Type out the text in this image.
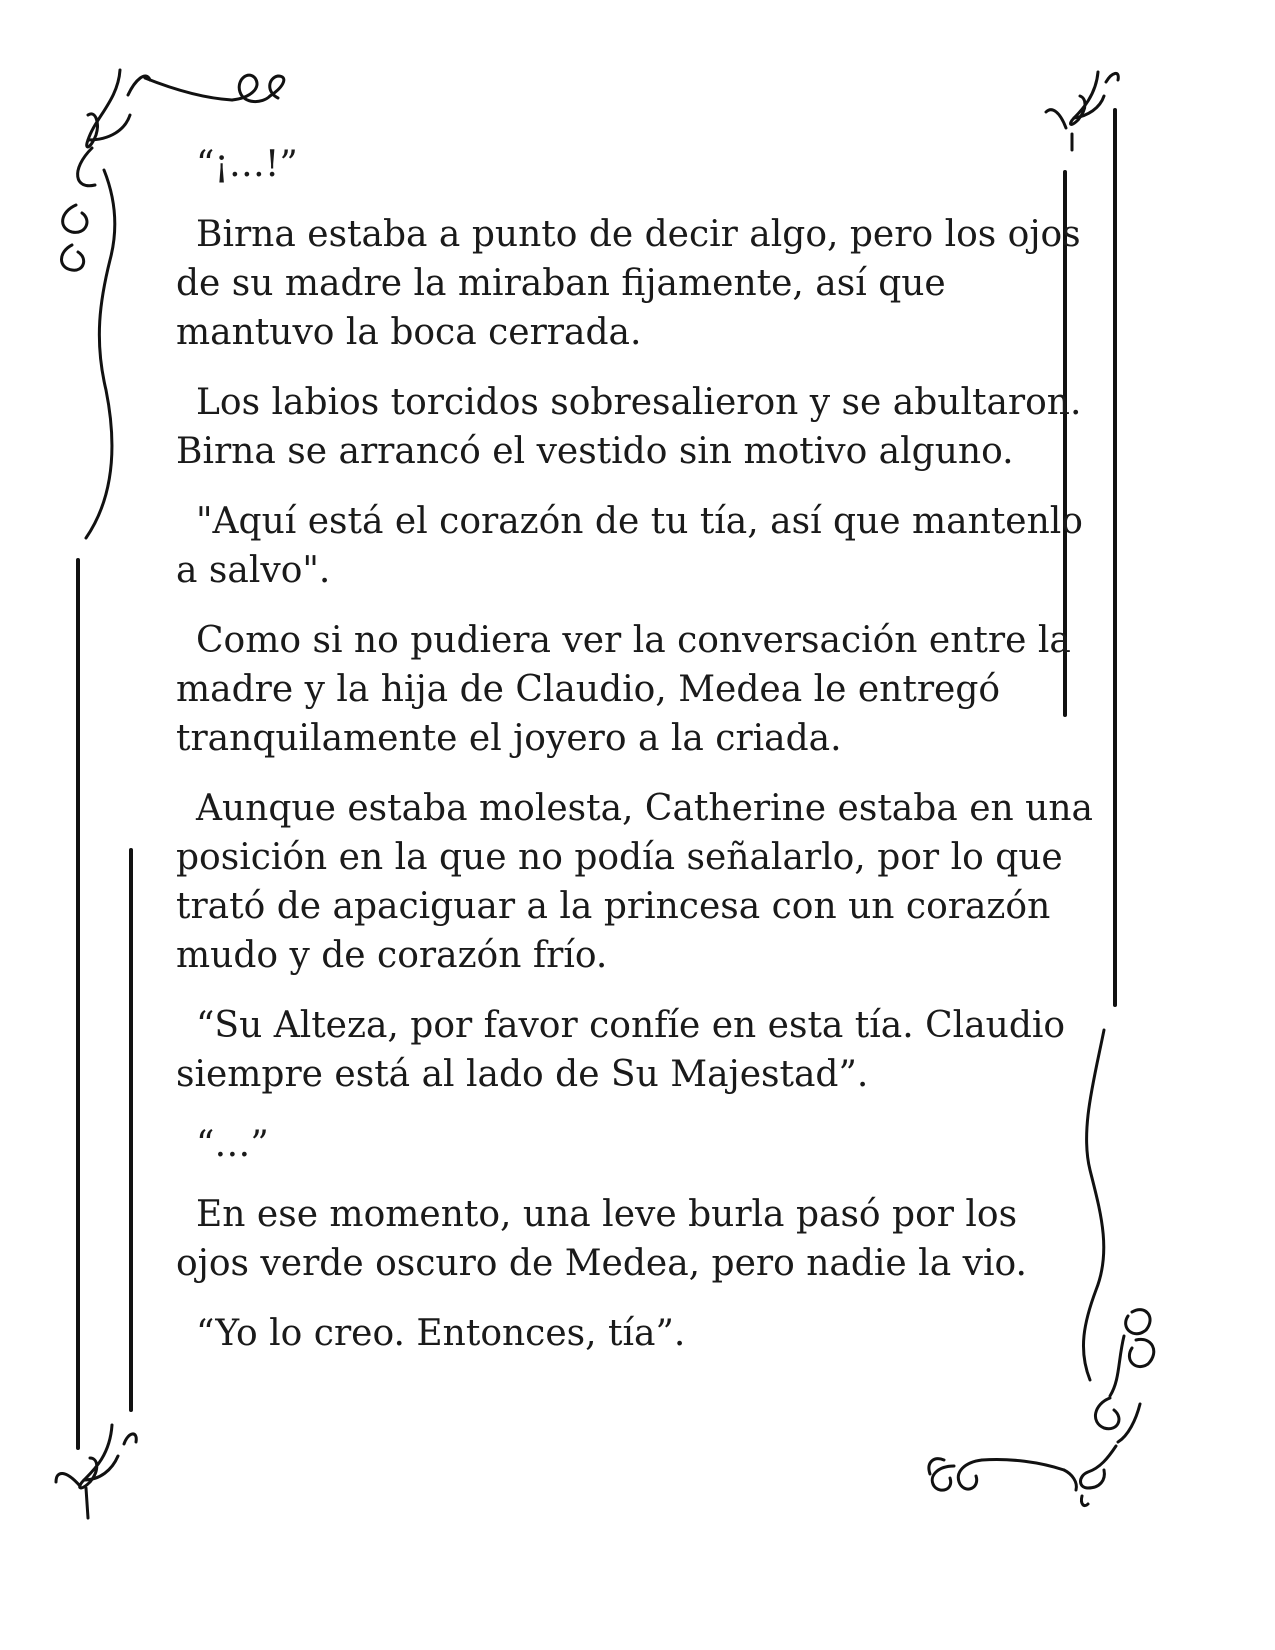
“¡…!”

Birna estaba a punto de decir algo, pero los ojos de su madre la miraban fijamente, así que mantuvo la boca cerrada.

Los labios torcidos sobresalieron y se abultaron. Birna se arrancó el vestido sin motivo alguno.

"Aquí está el corazón de tu tía, así que mantenlo a salvo".

Como si no pudiera ver la conversación entre la madre y la hija de Claudio, Medea le entregó tranquilamente el joyero a la criada.

Aunque estaba molesta, Catherine estaba en una posición en la que no podía señalarlo, por lo que trató de apaciguar a la princesa con un corazón mudo y de corazón frío.

“Su Alteza, por favor confíe en esta tía. Claudio siempre está al lado de Su Majestad”.

“…”

En ese momento, una leve burla pasó por los ojos verde oscuro de Medea, pero nadie la vio.

“Yo lo creo. Entonces, tía”.
